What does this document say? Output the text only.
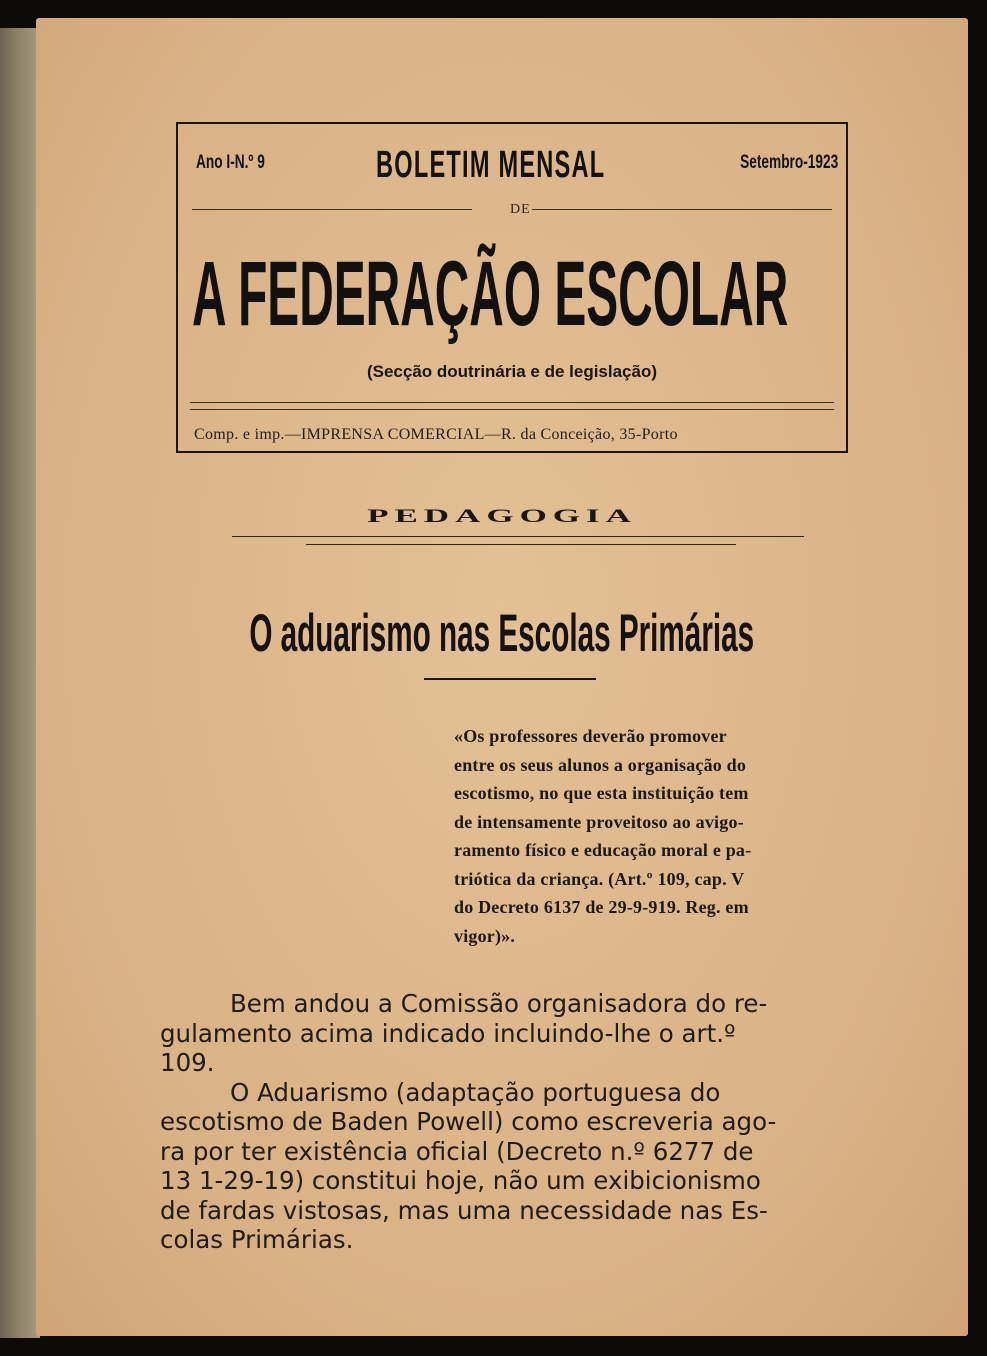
Ano I-N.º 9	BOLETIM MENSAL	Setembro-1923
DE
A FEDERAÇÃO ESCOLAR
(Secção doutrinária e de legislação)
Comp. e imp.—IMPRENSA COMERCIAL—R. da Conceição, 35-Porto
PEDAGOGIA
O aduarismo nas Escolas Primárias

«Os professores deverão promover

entre os seus alunos a organisação do

escotismo, no que esta instituição tem

de intensamente proveitoso ao avigo-

ramento físico e educação moral e pa-

triótica da criança. (Art.º 109, cap. V

do Decreto 6137 de 29-9-919. Reg. em

vigor)».

Bem andou a Comissão organisadora do re-

gulamento acima indicado incluindo-lhe o art.º

109.

O Aduarismo (adaptação portuguesa do

escotismo de Baden Powell) como escreveria ago-

ra por ter existência oficial (Decreto n.º 6277 de

13 1-29-19) constitui hoje, não um exibicionismo

de fardas vistosas, mas uma necessidade nas Es-

colas Primárias.
